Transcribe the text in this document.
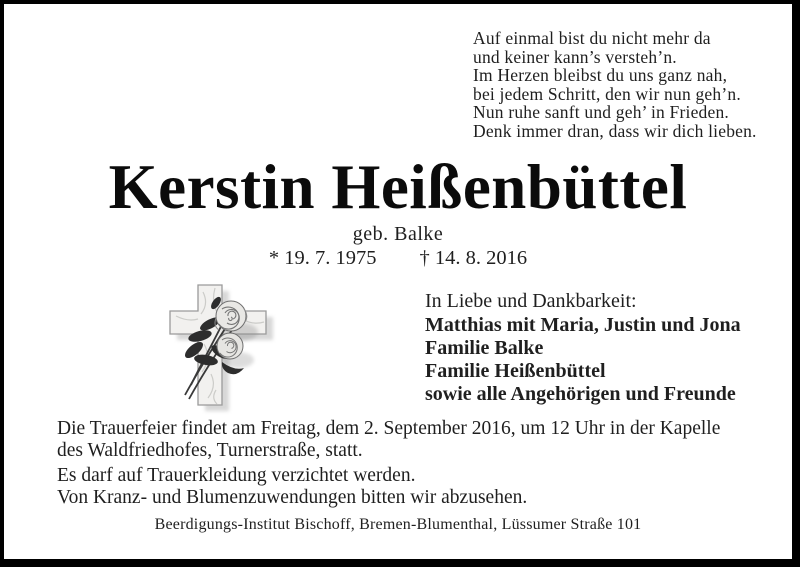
Auf einmal bist du nicht mehr da
und keiner kann’s versteh’n.
Im Herzen bleibst du uns ganz nah,
bei jedem Schritt, den wir nun geh’n.
Nun ruhe sanft und geh’ in Frieden.
Denk immer dran, dass wir dich lieben.
Kerstin Heißenbüttel
geb. Balke
* 19. 7. 1975 † 14. 8. 2016
In Liebe und Dankbarkeit:
Matthias mit Maria, Justin und Jona
Familie Balke
Familie Heißenbüttel
sowie alle Angehörigen und Freunde
Die Trauerfeier findet am Freitag, dem 2. September 2016, um 12 Uhr in der Kapelle
des Waldfriedhofes, Turnerstraße, statt.
Es darf auf Trauerkleidung verzichtet werden.
Von Kranz- und Blumenzuwendungen bitten wir abzusehen.
Beerdigungs-Institut Bischoff, Bremen-Blumenthal, Lüssumer Straße 101
